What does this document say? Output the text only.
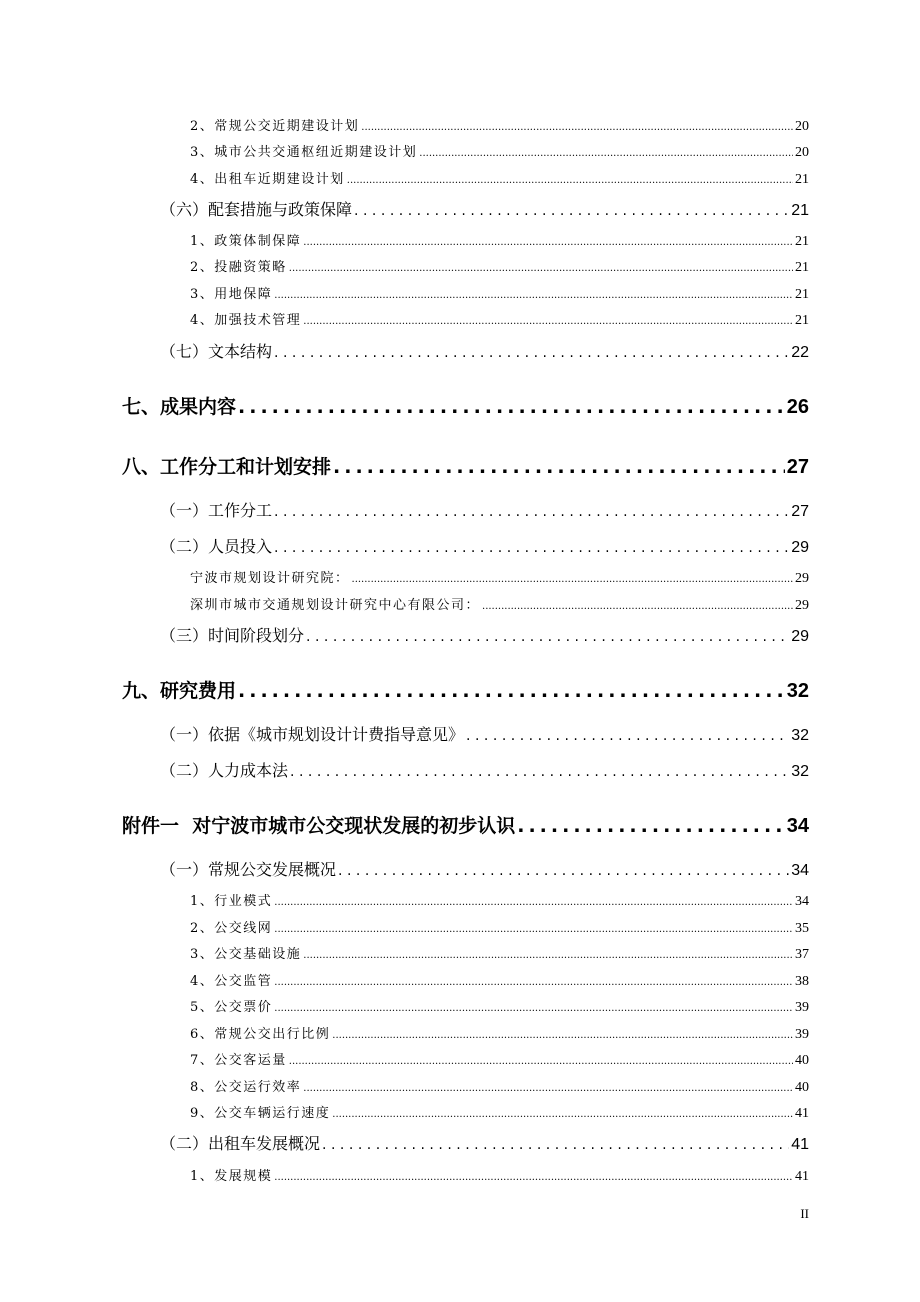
2、常规公交近期建设计划 .....	20
3、城市公共交通枢纽近期建设计划 .....	20
4、出租车近期建设计划 .....	21
（六）配套措施与政策保障 .....	21
1、政策体制保障 .....	21
2、投融资策略 .....	21
3、用地保障 .....	21
4、加强技术管理 .....	21
（七）文本结构 .....	22
七、成果内容 .....	26
八、工作分工和计划安排 .....	27
（一）工作分工 .....	27
（二）人员投入 .....	29
宁波市规划设计研究院： .....	29
深圳市城市交通规划设计研究中心有限公司： .....	29
（三）时间阶段划分 .....	29
九、研究费用 .....	32
（一）依据《城市规划设计计费指导意见》 .....	32
（二）人力成本法 .....	32
附件一  对宁波市城市公交现状发展的初步认识 .....	34
（一）常规公交发展概况 .....	34
1、行业模式 .....	34
2、公交线网 .....	35
3、公交基础设施 .....	37
4、公交监管 .....	38
5、公交票价 .....	39
6、常规公交出行比例 .....	39
7、公交客运量 .....	40
8、公交运行效率 .....	40
9、公交车辆运行速度 .....	41
（二）出租车发展概况 .....	41
1、发展规模 .....	41
II
